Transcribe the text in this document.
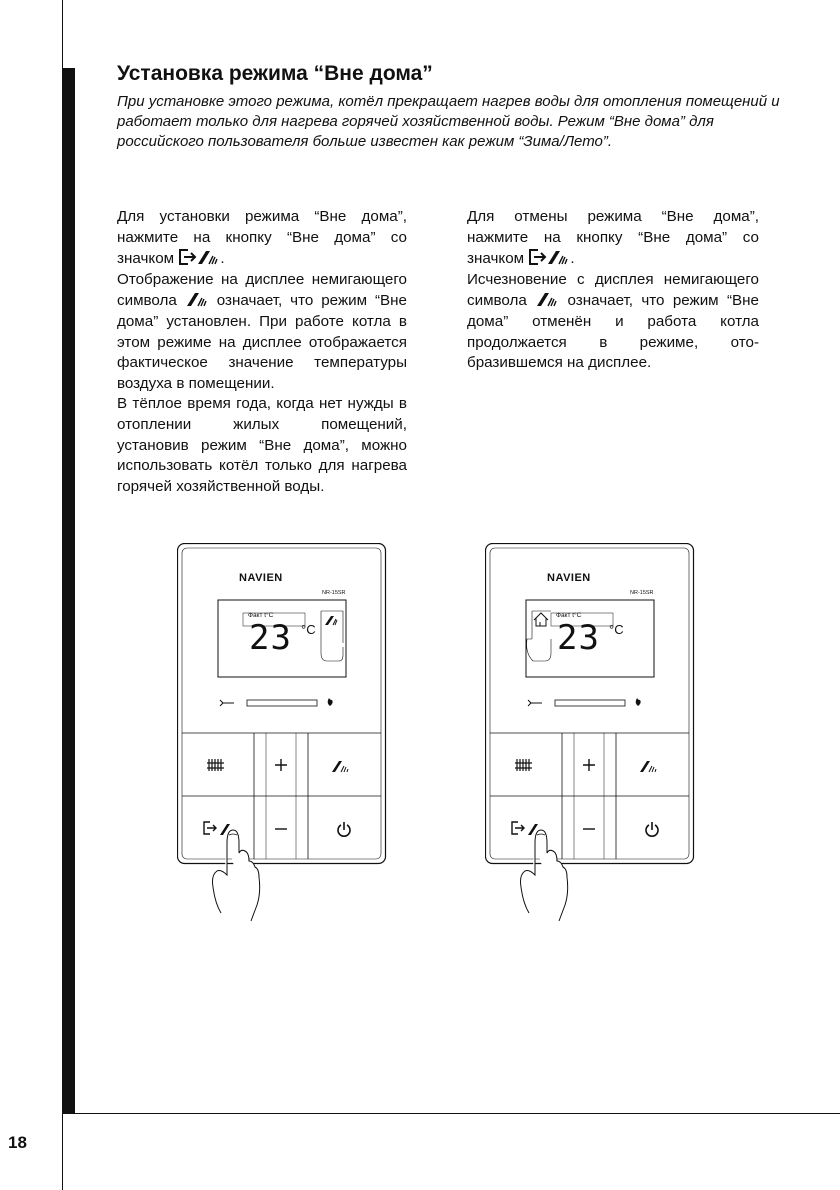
18
Установка режима “Вне дома”

При установке этого режима, котёл прекращает нагрев воды для отопления помещений и работает только для нагрева горячей хозяйственной воды. Режим “Вне дома” для российского пользователя больше известен как режим “Зима/Лето”.

Для установки режима “Вне дома”, нажмите на кнопку “Вне дома” со значком	.

Отображение на дисплее немигающего символа	означает, что режим “Вне дома” установлен. При работе котла в этом режиме на дисплее отображается фактическое значение температуры воздуха в помещении.

В тёплое время года, когда нет нужды в отоплении жилых помещений, установив режим “Вне дома”, можно использовать котёл только для нагрева горячей хозяйственной воды.

Для отмены режима “Вне дома”, нажмите на кнопку “Вне дома” со значком	.

Исчезновение с дисплея немигающего символа	означает, что режим “Вне дома” отменён и работа котла продолжается в режиме, отобразившемся на дисплее.

NAVIEN
NR-15SR
Факт t°C
23 °C
NAVIEN
NR-15SR
Факт t°C
23 °C
